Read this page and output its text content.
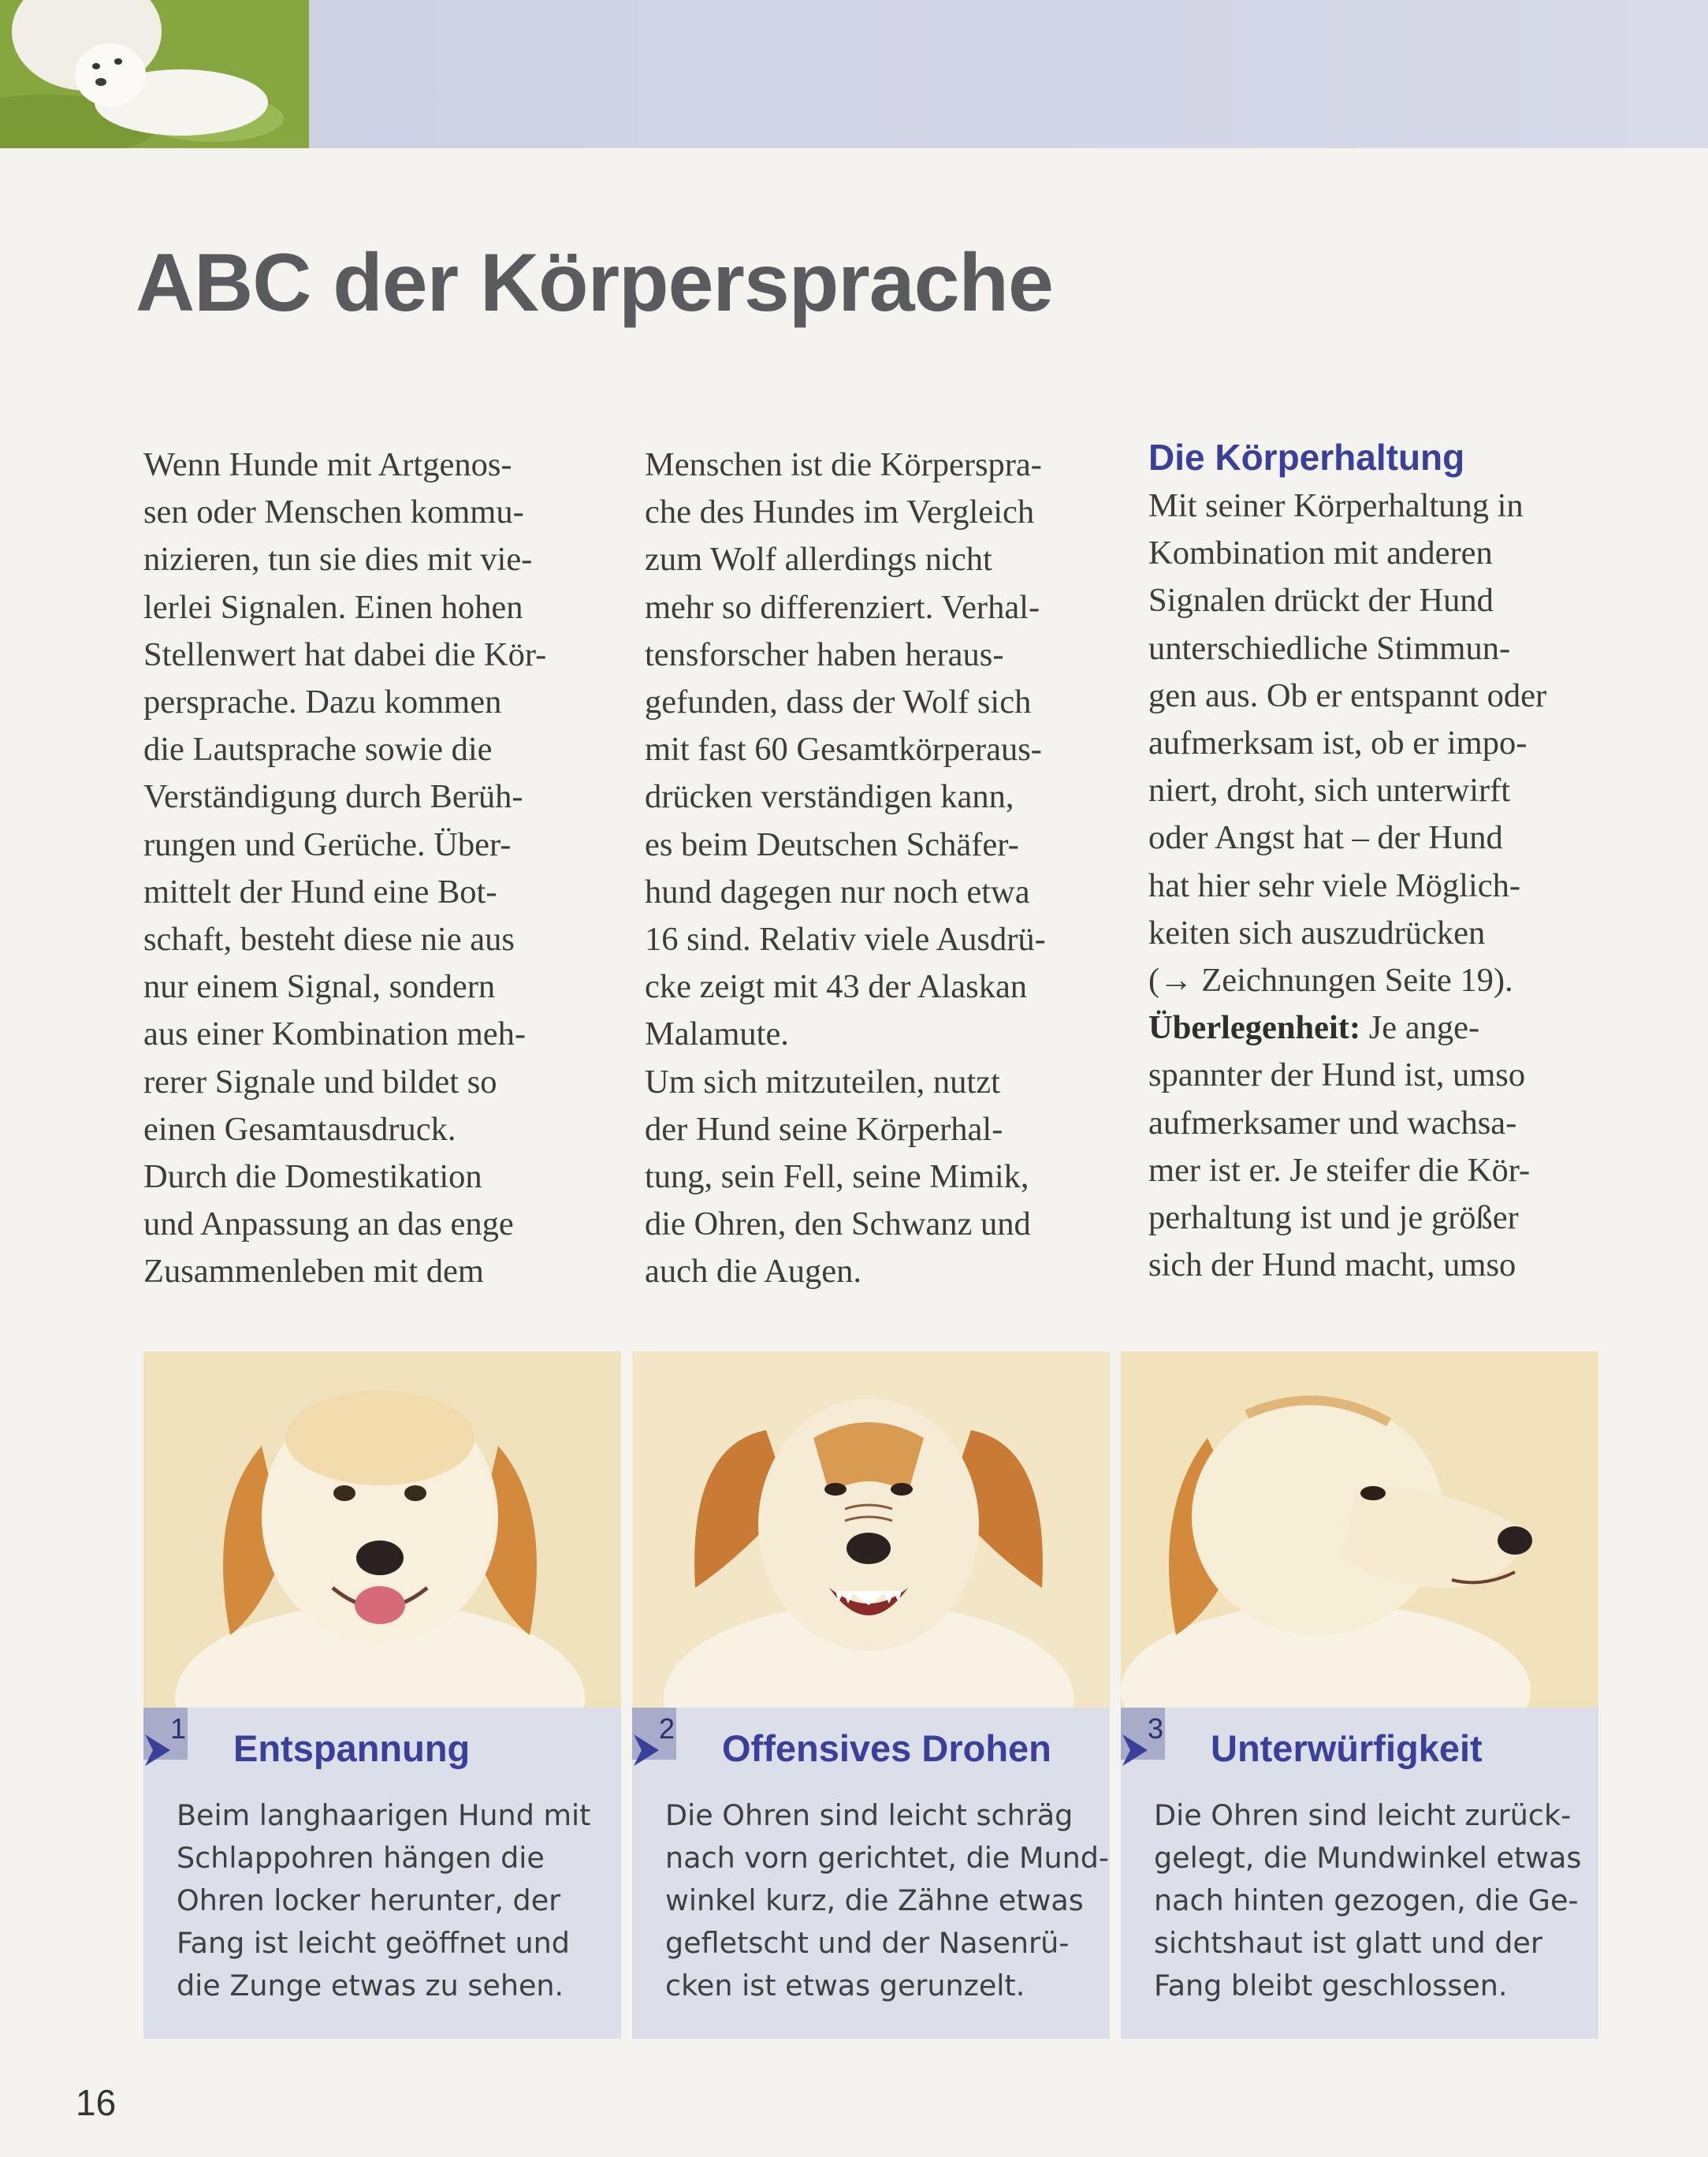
ABC der Körpersprache
Wenn Hunde mit Artgenos-
sen oder Menschen kommu-
nizieren, tun sie dies mit vie-
lerlei Signalen. Einen hohen
Stellenwert hat dabei die Kör-
persprache. Dazu kommen
die Lautsprache sowie die
Verständigung durch Berüh-
rungen und Gerüche. Über-
mittelt der Hund eine Bot-
schaft, besteht diese nie aus
nur einem Signal, sondern
aus einer Kombination meh-
rerer Signale und bildet so
einen Gesamtausdruck.
Durch die Domestikation
und Anpassung an das enge
Zusammenleben mit dem
Menschen ist die Körperspra-
che des Hundes im Vergleich
zum Wolf allerdings nicht
mehr so differenziert. Verhal-
tensforscher haben heraus-
gefunden, dass der Wolf sich
mit fast 60 Gesamtkörperaus-
drücken verständigen kann,
es beim Deutschen Schäfer-
hund dagegen nur noch etwa
16 sind. Relativ viele Ausdrü-
cke zeigt mit 43 der Alaskan
Malamute.
Um sich mitzuteilen, nutzt
der Hund seine Körperhal-
tung, sein Fell, seine Mimik,
die Ohren, den Schwanz und
auch die Augen.
Die Körperhaltung
Mit seiner Körperhaltung in
Kombination mit anderen
Signalen drückt der Hund
unterschiedliche Stimmun-
gen aus. Ob er entspannt oder
aufmerksam ist, ob er impo-
niert, droht, sich unterwirft
oder Angst hat – der Hund
hat hier sehr viele Möglich-
keiten sich auszudrücken
(→ Zeichnungen Seite 19).
Überlegenheit: Je ange-
spannter der Hund ist, umso
aufmerksamer und wachsa-
mer ist er. Je steifer die Kör-
perhaltung ist und je größer
sich der Hund macht, umso
1 Entspannung
Beim langhaarigen Hund mit
Schlappohren hängen die
Ohren locker herunter, der
Fang ist leicht geöffnet und
die Zunge etwas zu sehen.
2 Offensives Drohen
Die Ohren sind leicht schräg
nach vorn gerichtet, die Mund-
winkel kurz, die Zähne etwas
gefletscht und der Nasenrü-
cken ist etwas gerunzelt.
3 Unterwürfigkeit
Die Ohren sind leicht zurück-
gelegt, die Mundwinkel etwas
nach hinten gezogen, die Ge-
sichtshaut ist glatt und der
Fang bleibt geschlossen.
16
